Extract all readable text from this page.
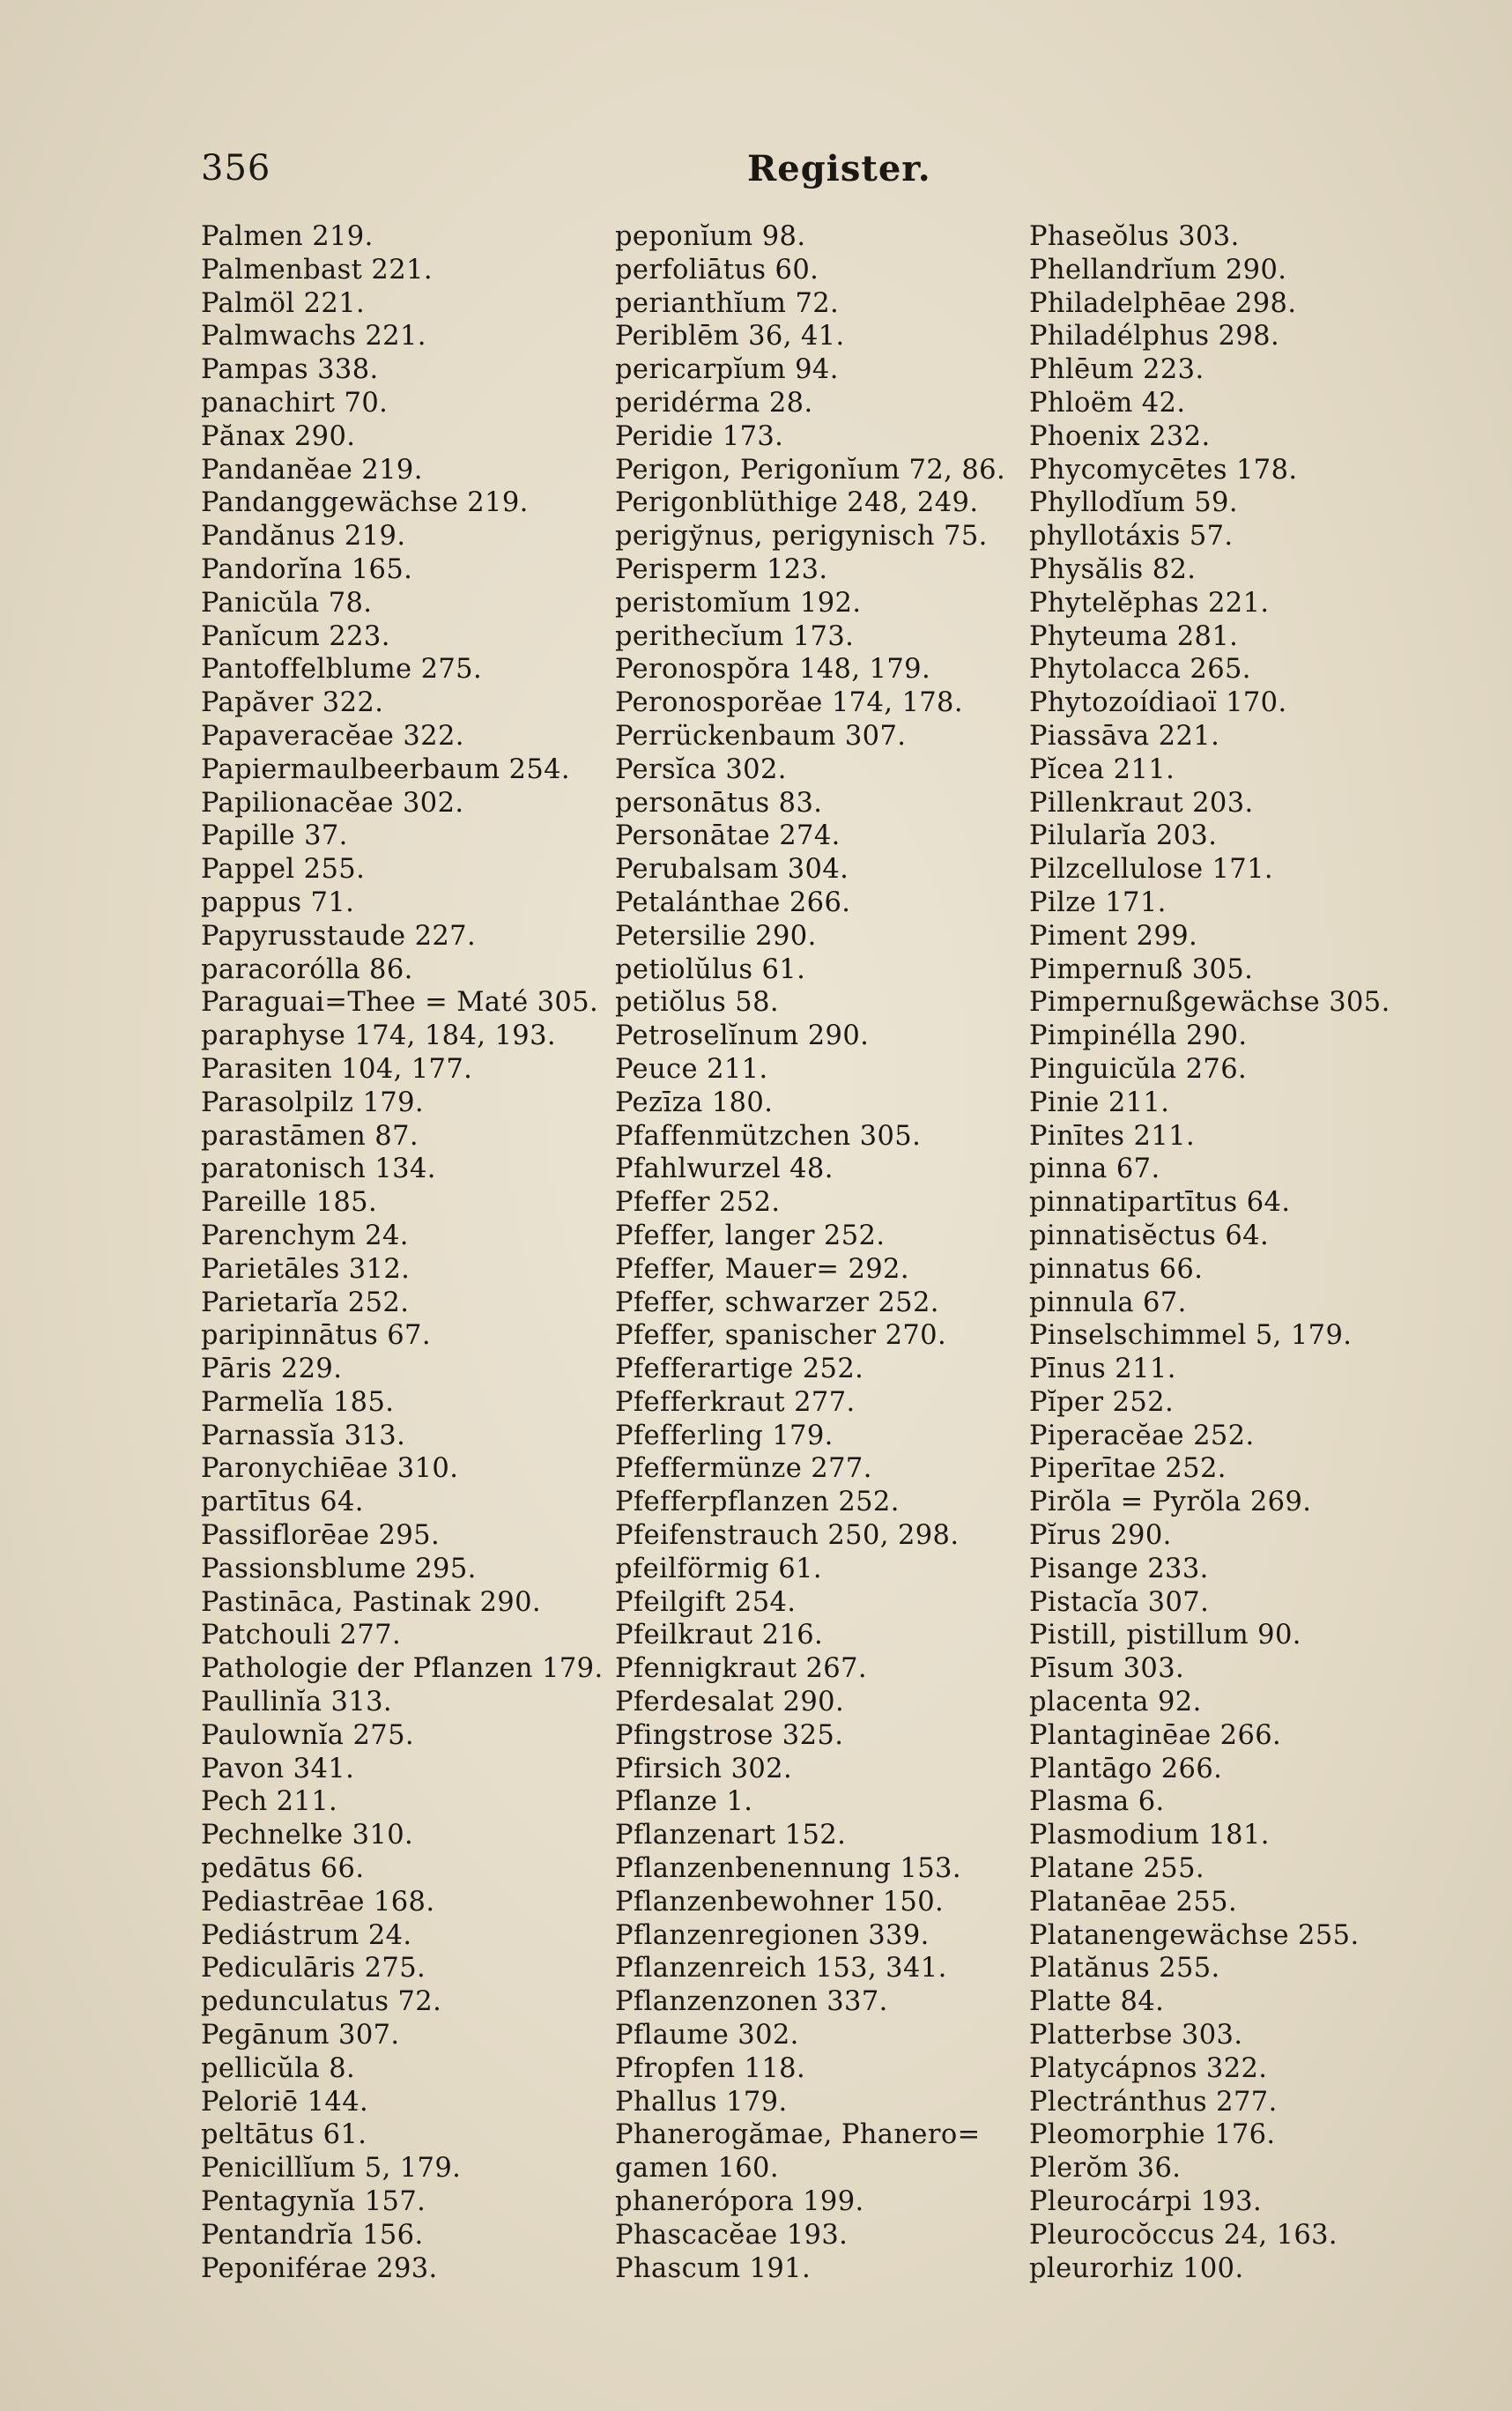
356	Register.
Palmen 219.
Palmenbast 221.
Palmöl 221.
Palmwachs 221.
Pampas 338.
panachirt 70.
Pănax 290.
Pandanĕae 219.
Pandanggewächse 219.
Pandănus 219.
Pandorĭna 165.
Panicŭla 78.
Panĭcum 223.
Pantoffelblume 275.
Papăver 322.
Papaveracĕae 322.
Papiermaulbeerbaum 254.
Papilionacĕae 302.
Papille 37.
Pappel 255.
pappus 71.
Papyrusstaude 227.
paracorólla 86.
Paraguai=Thee = Maté 305.
paraphyse 174, 184, 193.
Parasiten 104, 177.
Parasolpilz 179.
parastāmen 87.
paratonisch 134.
Pareille 185.
Parenchym 24.
Parietāles 312.
Parietarĭa 252.
paripinnātus 67.
Pāris 229.
Parmelĭa 185.
Parnassĭa 313.
Paronychiēae 310.
partītus 64.
Passiflorēae 295.
Passionsblume 295.
Pastināca, Pastinak 290.
Patchouli 277.
Pathologie der Pflanzen 179.
Paullinĭa 313.
Paulownĭa 275.
Pavon 341.
Pech 211.
Pechnelke 310.
pedātus 66.
Pediastrēae 168.
Pediástrum 24.
Pediculāris 275.
pedunculatus 72.
Pegānum 307.
pellicŭla 8.
Peloriē 144.
peltātus 61.
Penicillĭum 5, 179.
Pentagynĭa 157.
Pentandrĭa 156.
Peponiférae 293.
peponĭum 98.
perfoliātus 60.
perianthĭum 72.
Periblēm 36, 41.
pericarpĭum 94.
peridérma 28.
Peridie 173.
Perigon, Perigonĭum 72, 86.
Perigonblüthige 248, 249.
perigўnus, perigynisch 75.
Perisperm 123.
peristomĭum 192.
perithecĭum 173.
Peronospŏra 148, 179.
Peronosporĕae 174, 178.
Perrückenbaum 307.
Persĭca 302.
personātus 83.
Personātae 274.
Perubalsam 304.
Petalánthae 266.
Petersilie 290.
petiolŭlus 61.
petiŏlus 58.
Petroselĭnum 290.
Peuce 211.
Pezīza 180.
Pfaffenmützchen 305.
Pfahlwurzel 48.
Pfeffer 252.
Pfeffer, langer 252.
Pfeffer, Mauer= 292.
Pfeffer, schwarzer 252.
Pfeffer, spanischer 270.
Pfefferartige 252.
Pfefferkraut 277.
Pfefferling 179.
Pfeffermünze 277.
Pfefferpflanzen 252.
Pfeifenstrauch 250, 298.
pfeilförmig 61.
Pfeilgift 254.
Pfeilkraut 216.
Pfennigkraut 267.
Pferdesalat 290.
Pfingstrose 325.
Pfirsich 302.
Pflanze 1.
Pflanzenart 152.
Pflanzenbenennung 153.
Pflanzenbewohner 150.
Pflanzenregionen 339.
Pflanzenreich 153, 341.
Pflanzenzonen 337.
Pflaume 302.
Pfropfen 118.
Phallus 179.
Phanerogămae, Phanero=
gamen 160.
phaneróрora 199.
Phascacĕae 193.
Phascum 191.
Phaseŏlus 303.
Phellandrĭum 290.
Philadelphēae 298.
Philadélphus 298.
Phlēum 223.
Phloëm 42.
Phoenix 232.
Phycomycētes 178.
Phyllodĭum 59.
phyllotáxis 57.
Physălis 82.
Phytelĕphas 221.
Phyteuma 281.
Phytolacca 265.
Phytozoídiaoï 170.
Piassāva 221.
Pĭcea 211.
Pillenkraut 203.
Pilularĭa 203.
Pilzcellulose 171.
Pilze 171.
Piment 299.
Pimpernuß 305.
Pimpernußgewächse 305.
Pimpinélla 290.
Pinguicŭla 276.
Pinie 211.
Pinītes 211.
pinna 67.
pinnatipartītus 64.
pinnatisĕctus 64.
pinnatus 66.
pinnula 67.
Pinselschimmel 5, 179.
Pīnus 211.
Pĭper 252.
Piperacĕae 252.
Piperītae 252.
Pirŏla = Pyrŏla 269.
Pĭrus 290.
Pisange 233.
Pistacĭa 307.
Pistill, pistillum 90.
Pīsum 303.
placenta 92.
Plantaginēae 266.
Plantāgo 266.
Plasma 6.
Plasmodium 181.
Platane 255.
Platanēae 255.
Platanengewächse 255.
Platănus 255.
Platte 84.
Platterbse 303.
Platycápnos 322.
Plectránthus 277.
Pleomorphie 176.
Plerŏm 36.
Pleurocárpi 193.
Pleurocŏccus 24, 163.
pleurorhiz 100.
